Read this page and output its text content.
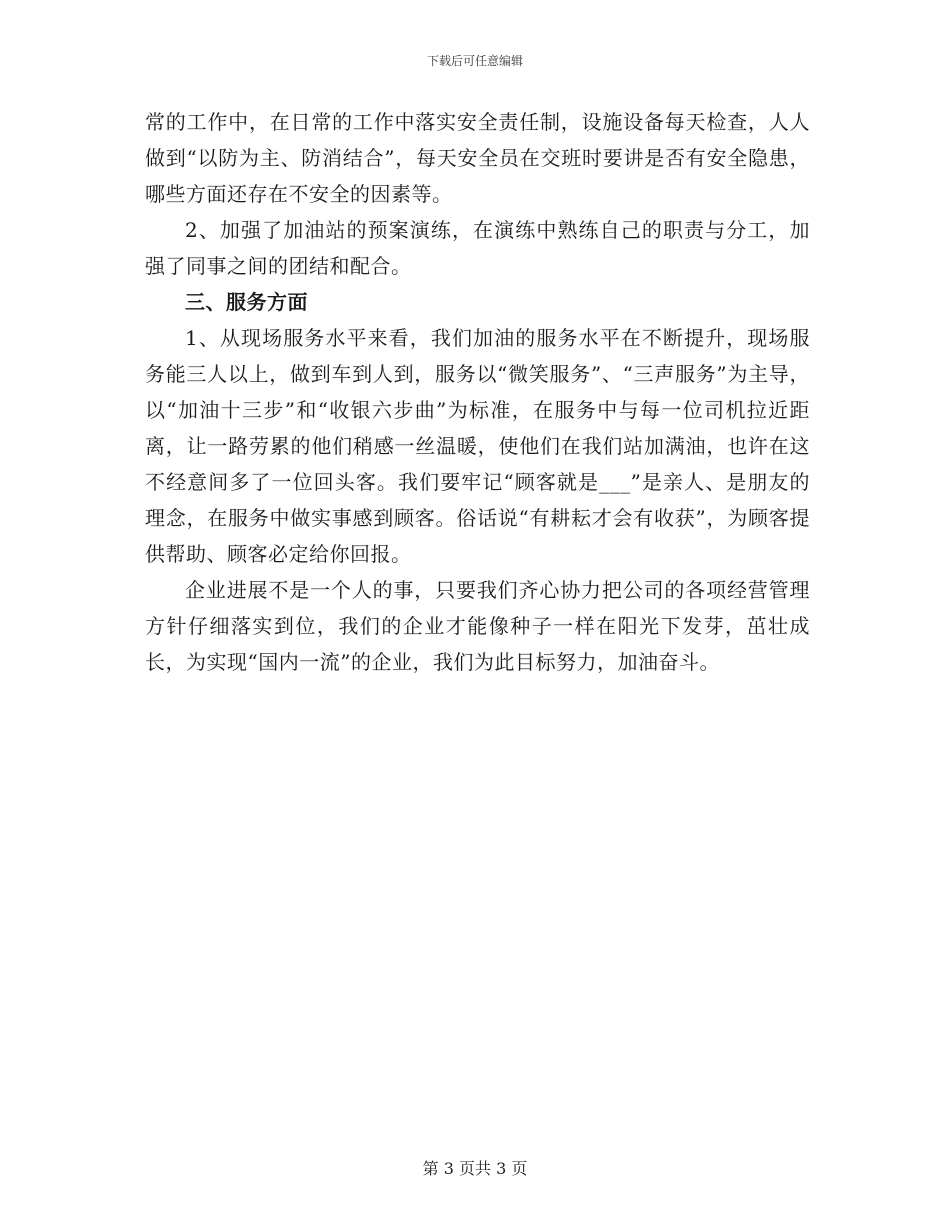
下载后可任意编辑

常的工作中，在日常的工作中落实安全责任制，设施设备每天检查，人人做到“以防为主、防消结合”，每天安全员在交班时要讲是否有安全隐患，哪些方面还存在不安全的因素等。

2、加强了加油站的预案演练，在演练中熟练自己的职责与分工，加强了同事之间的团结和配合。

三、服务方面

1、从现场服务水平来看，我们加油的服务水平在不断提升，现场服务能三人以上，做到车到人到，服务以“微笑服务”、“三声服务”为主导，以“加油十三步”和“收银六步曲”为标准，在服务中与每一位司机拉近距离，让一路劳累的他们稍感一丝温暖，使他们在我们站加满油，也许在这不经意间多了一位回头客。我们要牢记“顾客就是___”是亲人、是朋友的理念，在服务中做实事感到顾客。俗话说“有耕耘才会有收获”，为顾客提供帮助、顾客必定给你回报。

企业进展不是一个人的事，只要我们齐心协力把公司的各项经营管理方针仔细落实到位，我们的企业才能像种子一样在阳光下发芽，茁壮成长，为实现“国内一流”的企业，我们为此目标努力，加油奋斗。

第 3 页共 3 页
